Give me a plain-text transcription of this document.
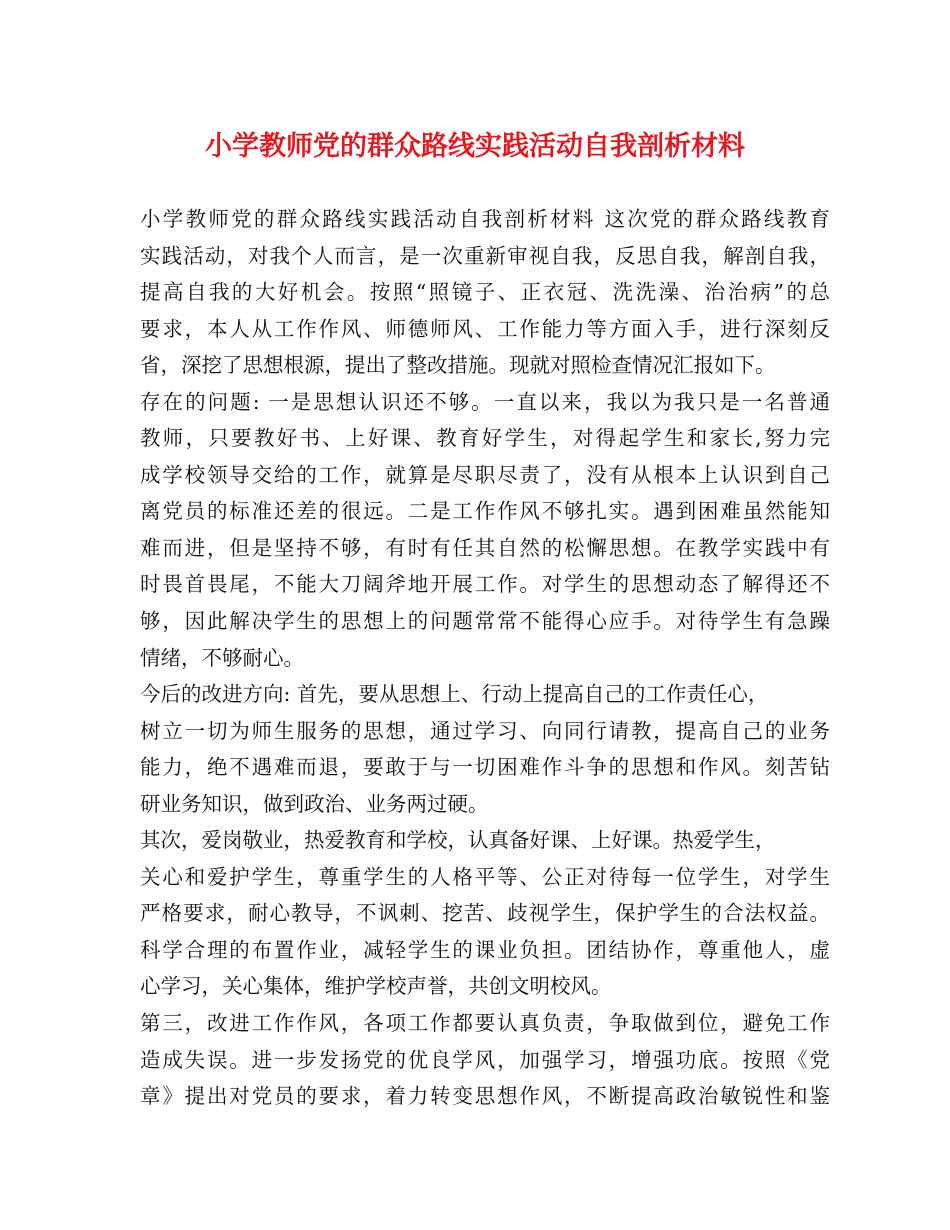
小学教师党的群众路线实践活动自我剖析材料
小学教师党的群众路线实践活动自我剖析材料 这次党的群众路线教育
实践活动，对我个人而言，是一次重新审视自我，反思自我，解剖自我，
提高自我的大好机会。按照“照镜子、正衣冠、洗洗澡、治治病”的总
要求，本人从工作作风、师德师风、工作能力等方面入手，进行深刻反
省，深挖了思想根源，提出了整改措施。现就对照检查情况汇报如下。
存在的问题: 一是思想认识还不够。一直以来，我以为我只是一名普通
教师，只要教好书、上好课、教育好学生，对得起学生和家长,努力完
成学校领导交给的工作，就算是尽职尽责了，没有从根本上认识到自己
离党员的标准还差的很远。二是工作作风不够扎实。遇到困难虽然能知
难而进，但是坚持不够，有时有任其自然的松懈思想。在教学实践中有
时畏首畏尾，不能大刀阔斧地开展工作。对学生的思想动态了解得还不
够，因此解决学生的思想上的问题常常不能得心应手。对待学生有急躁
情绪，不够耐心。
今后的改进方向: 首先，要从思想上、行动上提高自己的工作责任心，
树立一切为师生服务的思想，通过学习、向同行请教，提高自己的业务
能力，绝不遇难而退，要敢于与一切困难作斗争的思想和作风。刻苦钻
研业务知识，做到政治、业务两过硬。
其次，爱岗敬业，热爱教育和学校，认真备好课、上好课。热爱学生，
关心和爱护学生，尊重学生的人格平等、公正对待每一位学生，对学生
严格要求，耐心教导，不讽刺、挖苦、歧视学生，保护学生的合法权益。
科学合理的布置作业，减轻学生的课业负担。团结协作，尊重他人，虚
心学习，关心集体，维护学校声誉，共创文明校风。
第三，改进工作作风，各项工作都要认真负责，争取做到位，避免工作
造成失误。进一步发扬党的优良学风，加强学习，增强功底。按照《党
章》提出对党员的要求，着力转变思想作风，不断提高政治敏锐性和鉴
